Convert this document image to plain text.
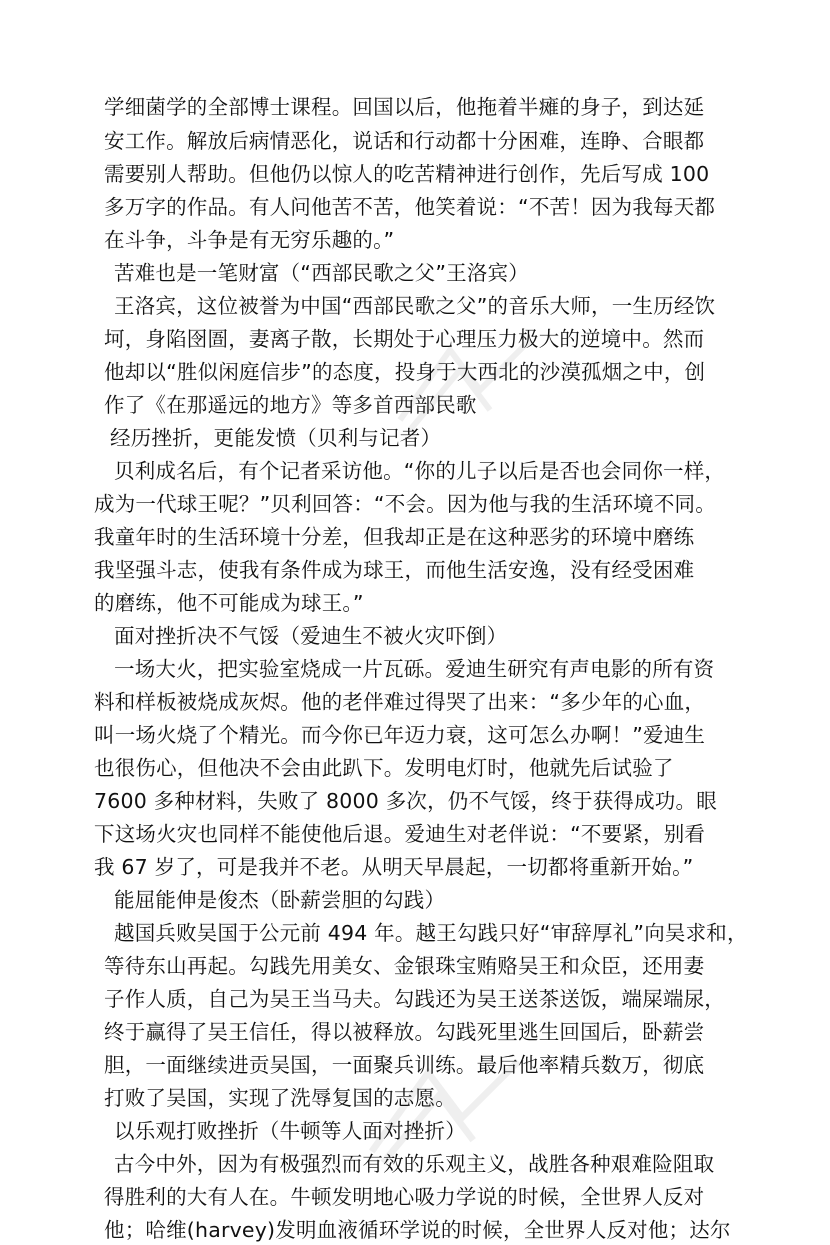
学细菌学的全部博士课程。回国以后，他拖着半瘫的身子，到达延
安工作。解放后病情恶化，说话和行动都十分困难，连睁、合眼都
需要别人帮助。但他仍以惊人的吃苦精神进行创作，先后写成 100
多万字的作品。有人问他苦不苦，他笑着说：“不苦！因为我每天都
在斗争，斗争是有无穷乐趣的。”
苦难也是一笔财富（“西部民歌之父”王洛宾）
王洛宾，这位被誉为中国“西部民歌之父”的音乐大师，一生历经饮
坷，身陷囹圄，妻离子散，长期处于心理压力极大的逆境中。然而
他却以“胜似闲庭信步”的态度，投身于大西北的沙漠孤烟之中，创
作了《在那遥远的地方》等多首西部民歌
经历挫折，更能发愤（贝利与记者）
贝利成名后，有个记者采访他。“你的儿子以后是否也会同你一样，
成为一代球王呢？”贝利回答：“不会。因为他与我的生活环境不同。
我童年时的生活环境十分差，但我却正是在这种恶劣的环境中磨练
我坚强斗志，使我有条件成为球王，而他生活安逸，没有经受困难
的磨练，他不可能成为球王。”
面对挫折决不气馁（爱迪生不被火灾吓倒）
一场大火，把实验室烧成一片瓦砾。爱迪生研究有声电影的所有资
料和样板被烧成灰烬。他的老伴难过得哭了出来：“多少年的心血，
叫一场火烧了个精光。而今你已年迈力衰，这可怎么办啊！”爱迪生
也很伤心，但他决不会由此趴下。发明电灯时，他就先后试验了
7600 多种材料，失败了 8000 多次，仍不气馁，终于获得成功。眼
下这场火灾也同样不能使他后退。爱迪生对老伴说：“不要紧，别看
我 67 岁了，可是我并不老。从明天早晨起，一切都将重新开始。”
能屈能伸是俊杰（卧薪尝胆的勾践）
越国兵败吴国于公元前 494 年。越王勾践只好“审辞厚礼”向吴求和，
等待东山再起。勾践先用美女、金银珠宝贿赂吴王和众臣，还用妻
子作人质，自己为吴王当马夫。勾践还为吴王送茶送饭，端屎端尿，
终于赢得了吴王信任，得以被释放。勾践死里逃生回国后，卧薪尝
胆，一面继续进贡吴国，一面聚兵训练。最后他率精兵数万，彻底
打败了吴国，实现了洗辱复国的志愿。
以乐观打败挫折（牛顿等人面对挫折）
古今中外，因为有极强烈而有效的乐观主义，战胜各种艰难险阻取
得胜利的大有人在。牛顿发明地心吸力学说的时候，全世界人反对
他；哈维(harvey)发明血液循环学说的时候，全世界人反对他；达尔
